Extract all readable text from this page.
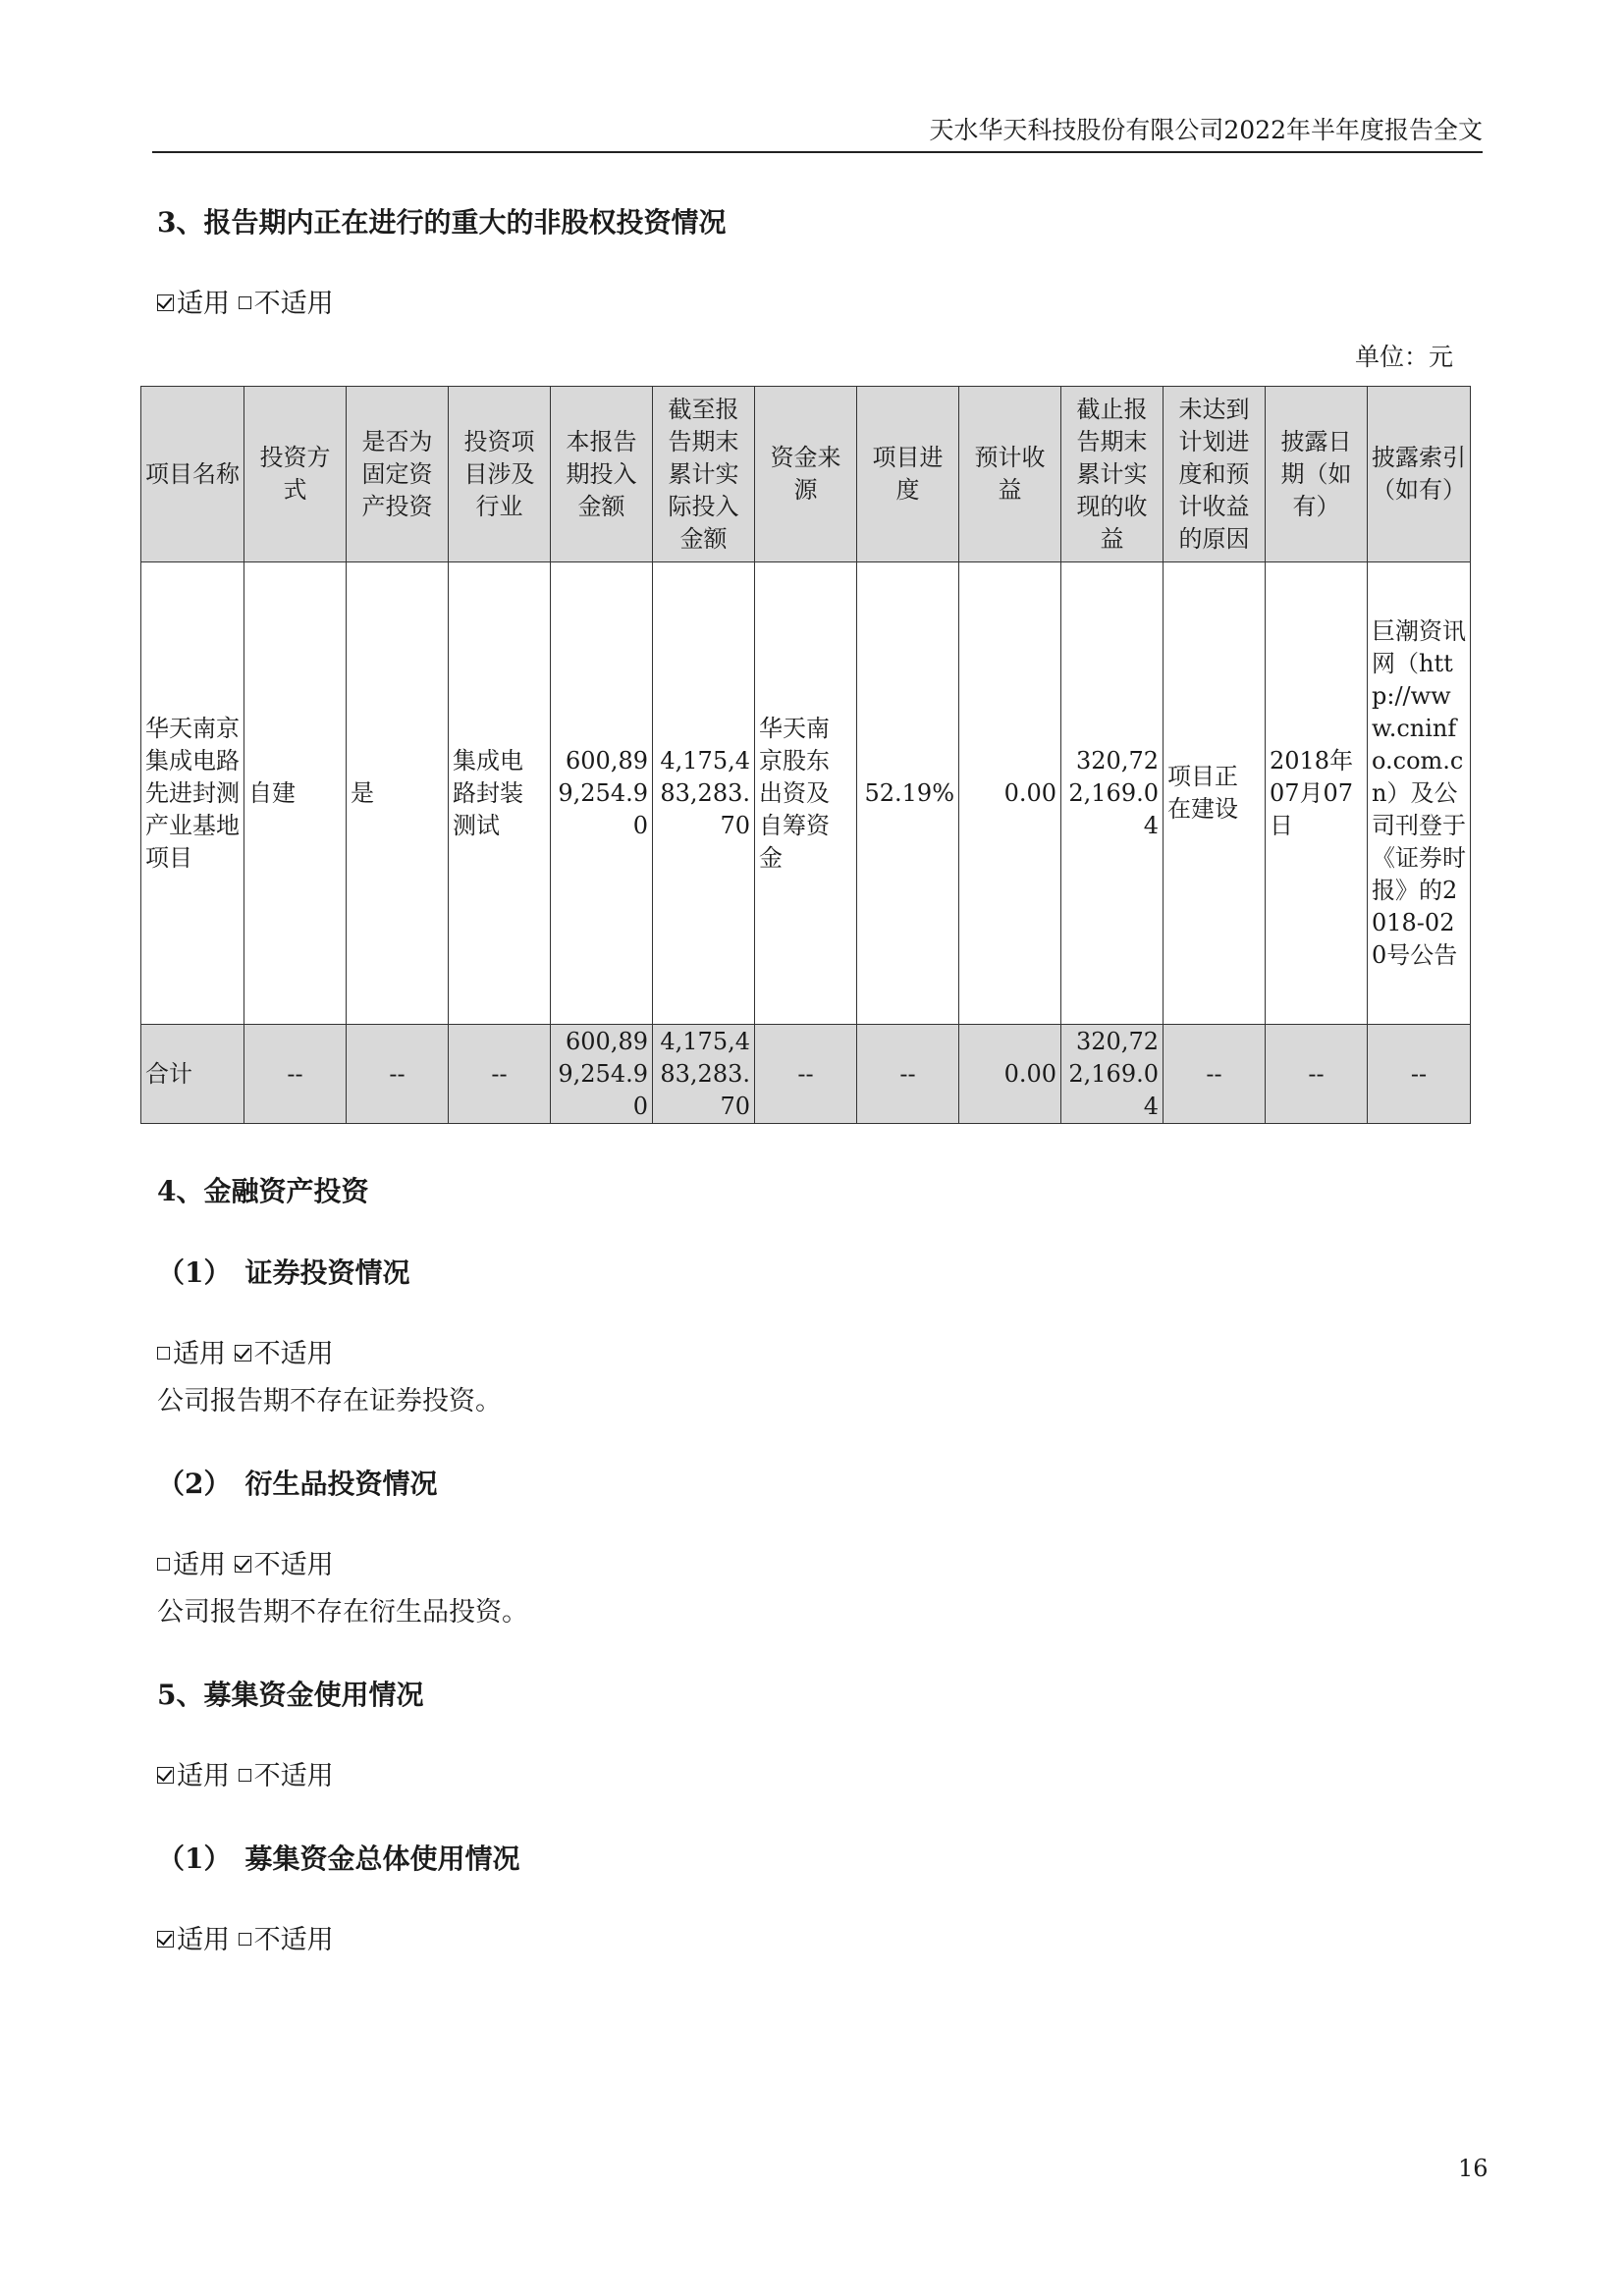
天水华天科技股份有限公司2022年半年度报告全文
3、报告期内正在进行的重大的非股权投资情况
适用 不适用
单位：元
项目名称	投资方式	是否为固定资产投资	投资项目涉及行业	本报告期投入金额	截至报告期末累计实际投入金额	资金来源	项目进度	预计收益	截止报告期末累计实现的收益	未达到计划进度和预计收益的原因	披露日期（如有）	披露索引（如有）
华天南京集成电路先进封测产业基地项目	自建	是	集成电路封装测试	600,899,254.90	4,175,483,283.70	华天南京股东出资及自筹资金	52.19%	0.00	320,722,169.04	项目正在建设	2018年07月07日	巨潮资讯网（http://www.cninfo.com.cn）及公司刊登于《证券时报》的2018-020号公告
合计	--	--	--	600,899,254.90	4,175,483,283.70	--	--	0.00	320,722,169.04	--	--	--
4、金融资产投资
（1）　证券投资情况
适用 不适用
公司报告期不存在证券投资。
（2）　衍生品投资情况
适用 不适用
公司报告期不存在衍生品投资。
5、募集资金使用情况
适用 不适用
（1）　募集资金总体使用情况
适用 不适用
16
